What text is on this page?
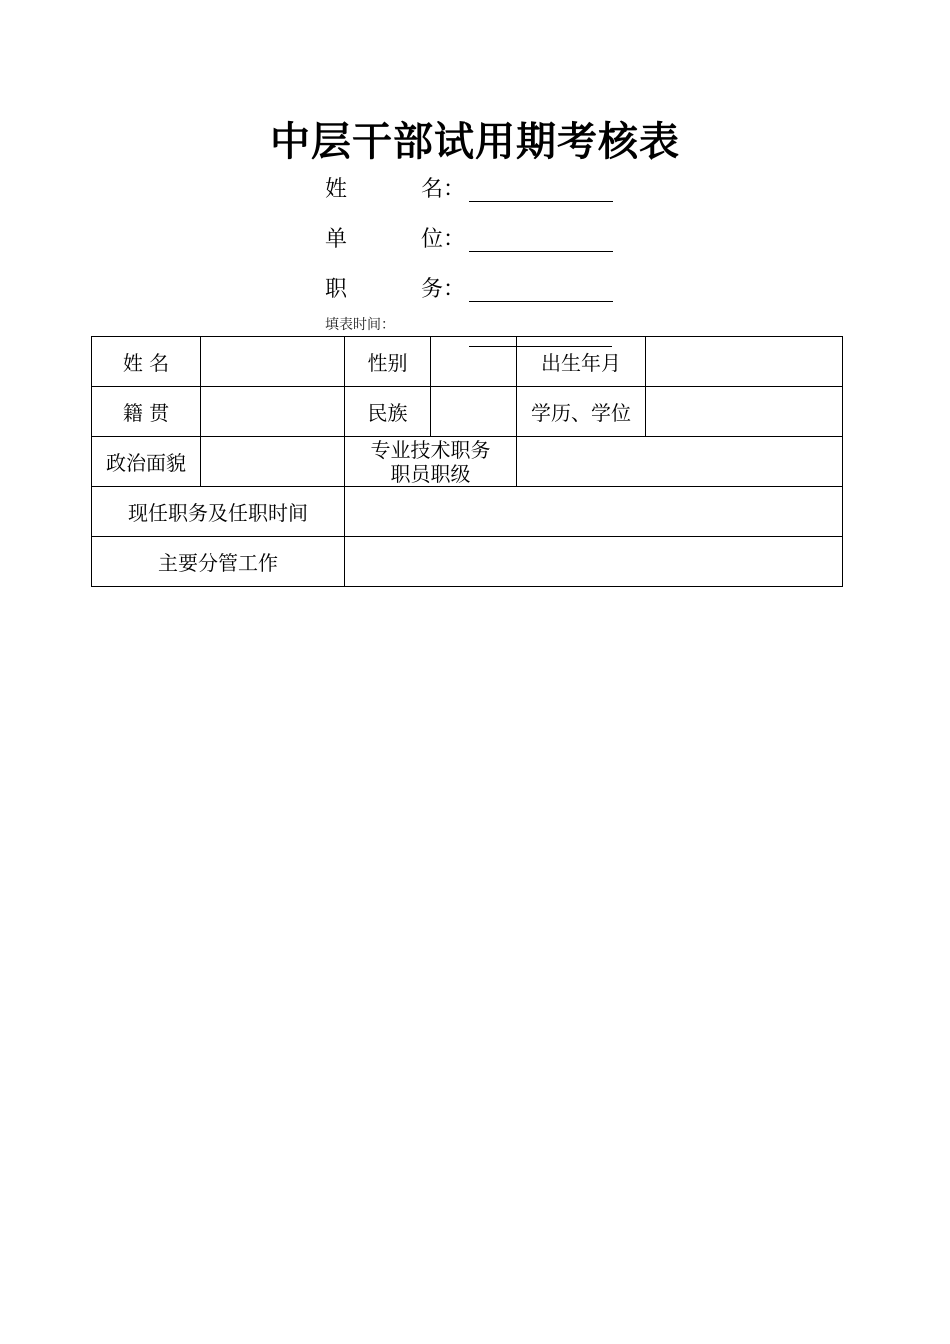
中层干部试用期考核表
姓	名：
单	位：
职	务：
填表时间：
姓 名		性别		出生年月	
籍 贯		民族		学历、学位	
政治面貌		专业技术职务
职员职级			

现任职务及任职时间					
主要分管工作					
